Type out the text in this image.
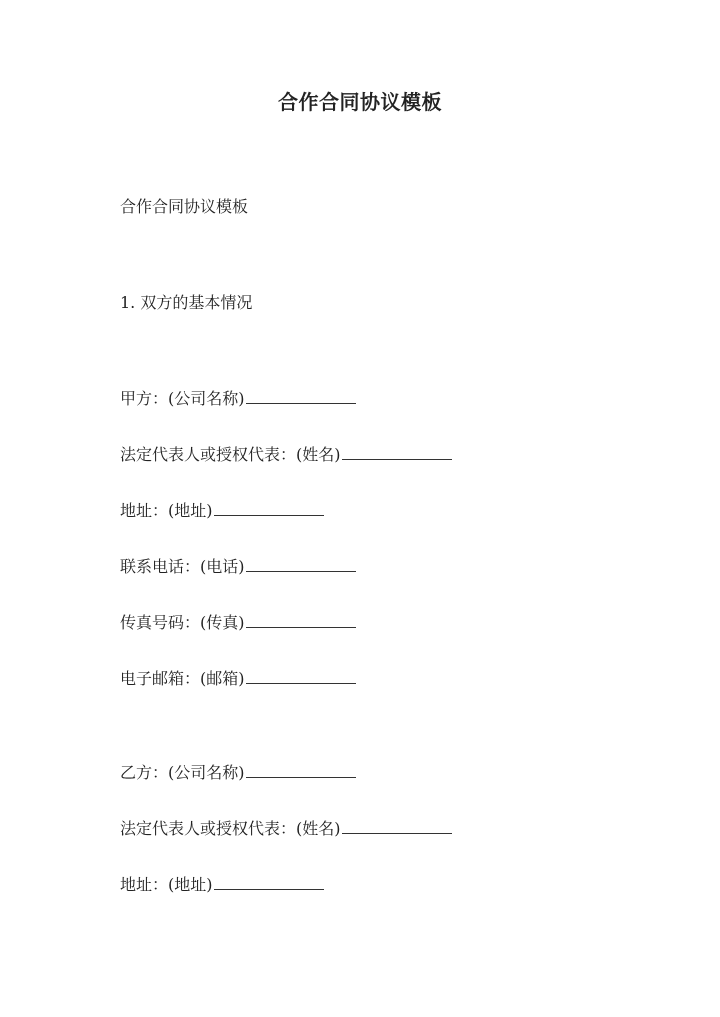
合作合同协议模板
合作合同协议模板
1. 双方的基本情况
甲方：(公司名称)
法定代表人或授权代表：(姓名)
地址：(地址)
联系电话：(电话)
传真号码：(传真)
电子邮箱：(邮箱)
乙方：(公司名称)
法定代表人或授权代表：(姓名)
地址：(地址)
